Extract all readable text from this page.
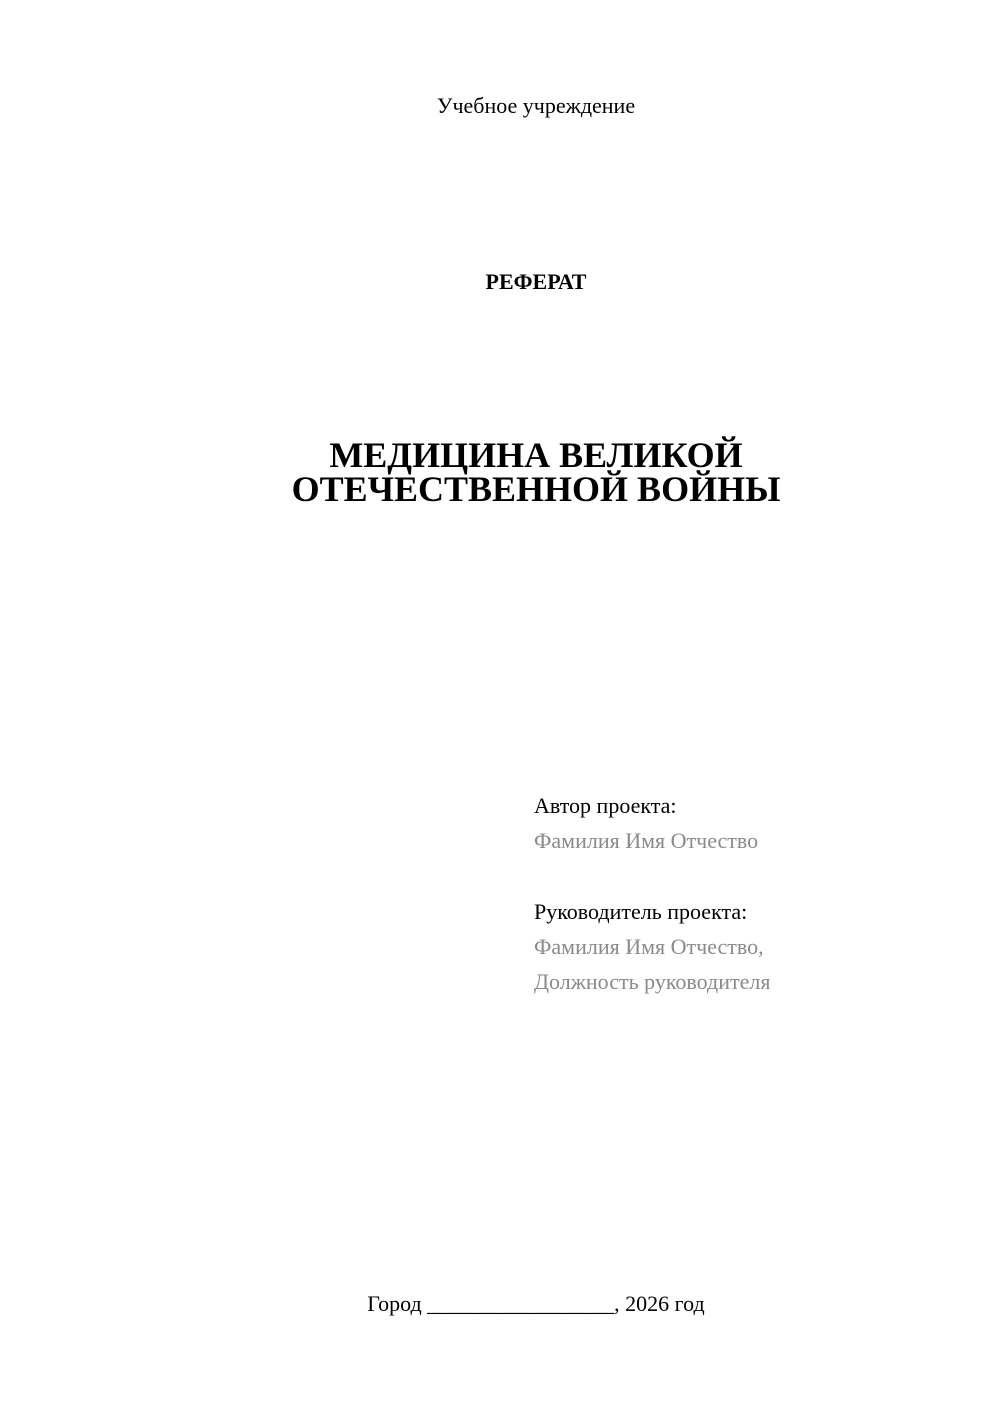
Учебное учреждение
РЕФЕРАТ
МЕДИЦИНА ВЕЛИКОЙ
ОТЕЧЕСТВЕННОЙ ВОЙНЫ
Автор проекта:
Фамилия Имя Отчество
Руководитель проекта:
Фамилия Имя Отчество,
Должность руководителя
Город _________________, 2026 год
